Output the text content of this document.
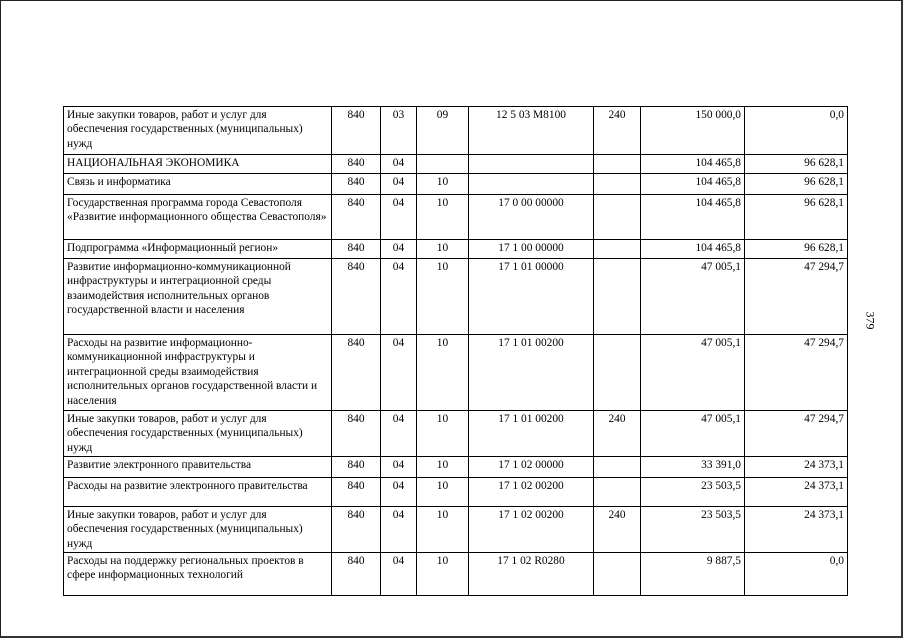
Иные закупки товаров, работ и услуг для обеспечения государственных (муниципальных) нужд	840	03	09	12 5 03 M8100	240	150 000,0	0,0
НАЦИОНАЛЬНАЯ ЭКОНОМИКА	840	04				104 465,8	96 628,1
Связь и информатика	840	04	10			104 465,8	96 628,1
Государственная программа города Севастополя «Развитие информационного общества Севастополя»	840	04	10	17 0 00 00000		104 465,8	96 628,1
Подпрограмма «Информационный регион»	840	04	10	17 1 00 00000		104 465,8	96 628,1
Развитие информационно-коммуникационной инфраструктуры и интеграционной среды взаимодействия исполнительных органов государственной власти и населения	840	04	10	17 1 01 00000		47 005,1	47 294,7
Расходы на развитие информационно-коммуникационной инфраструктуры и интеграционной среды взаимодействия исполнительных органов государственной власти и населения	840	04	10	17 1 01 00200		47 005,1	47 294,7
Иные закупки товаров, работ и услуг для обеспечения государственных (муниципальных) нужд	840	04	10	17 1 01 00200	240	47 005,1	47 294,7
Развитие электронного правительства	840	04	10	17 1 02 00000		33 391,0	24 373,1
Расходы на развитие электронного правительства	840	04	10	17 1 02 00200		23 503,5	24 373,1
Иные закупки товаров, работ и услуг для обеспечения государственных (муниципальных) нужд	840	04	10	17 1 02 00200	240	23 503,5	24 373,1
Расходы на поддержку региональных проектов в сфере информационных технологий	840	04	10	17 1 02 R0280		9 887,5	0,0
379
